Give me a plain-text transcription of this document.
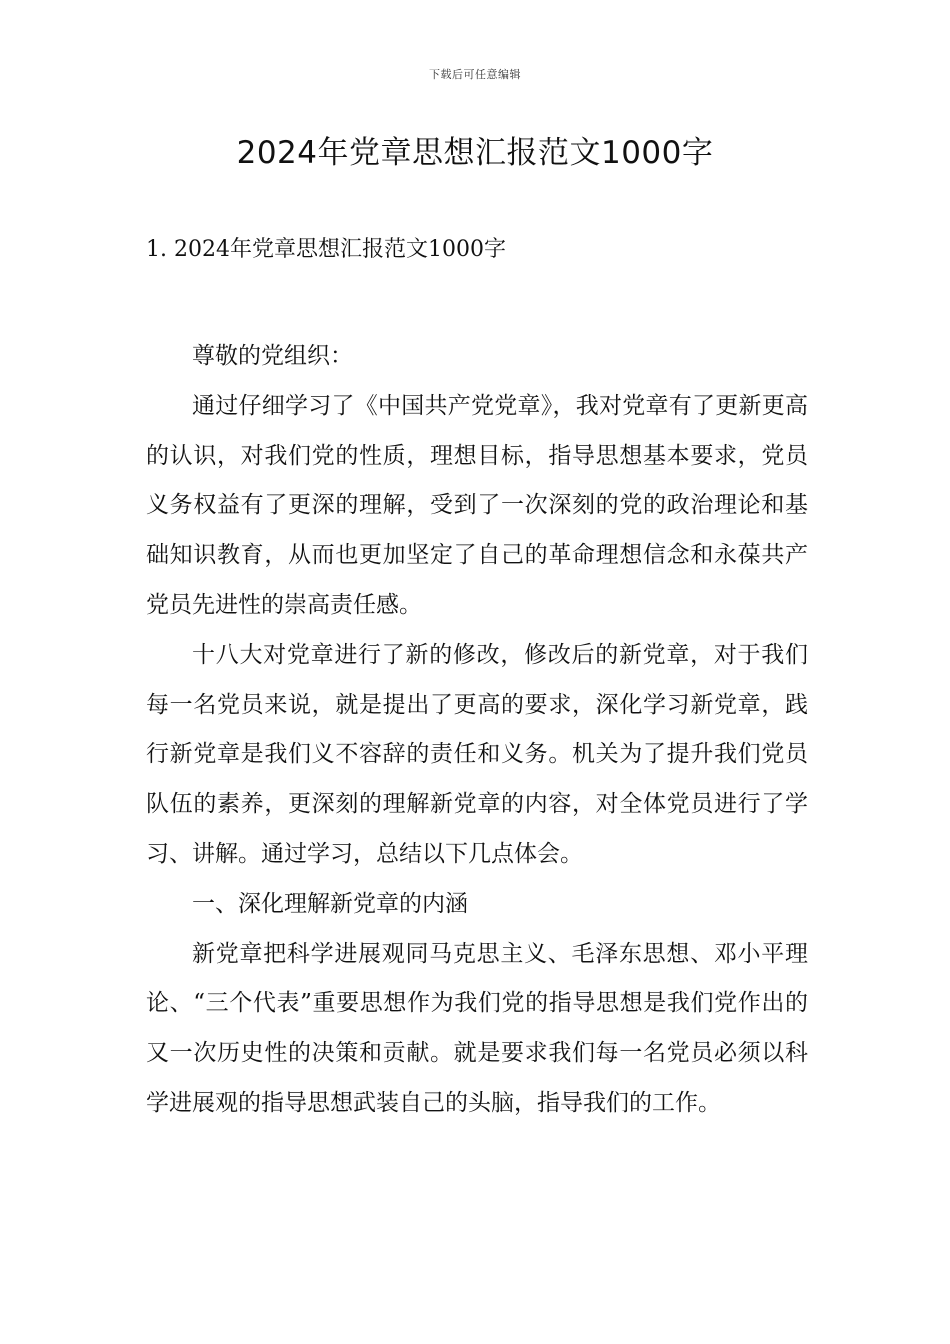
下载后可任意编辑
2024年党章思想汇报范文1000字
1. 2024年党章思想汇报范文1000字

尊敬的党组织：

通过仔细学习了《中国共产党党章》，我对党章有了更新更高的认识，对我们党的性质，理想目标，指导思想基本要求，党员义务权益有了更深的理解，受到了一次深刻的党的政治理论和基础知识教育，从而也更加坚定了自己的革命理想信念和永葆共产党员先进性的崇高责任感。

十八大对党章进行了新的修改，修改后的新党章，对于我们每一名党员来说，就是提出了更高的要求，深化学习新党章，践行新党章是我们义不容辞的责任和义务。机关为了提升我们党员队伍的素养，更深刻的理解新党章的内容，对全体党员进行了学习、讲解。通过学习，总结以下几点体会。

一、深化理解新党章的内涵

新党章把科学进展观同马克思主义、毛泽东思想、邓小平理论、“三个代表”重要思想作为我们党的指导思想是我们党作出的又一次历史性的决策和贡献。就是要求我们每一名党员必须以科学进展观的指导思想武装自己的头脑，指导我们的工作。
